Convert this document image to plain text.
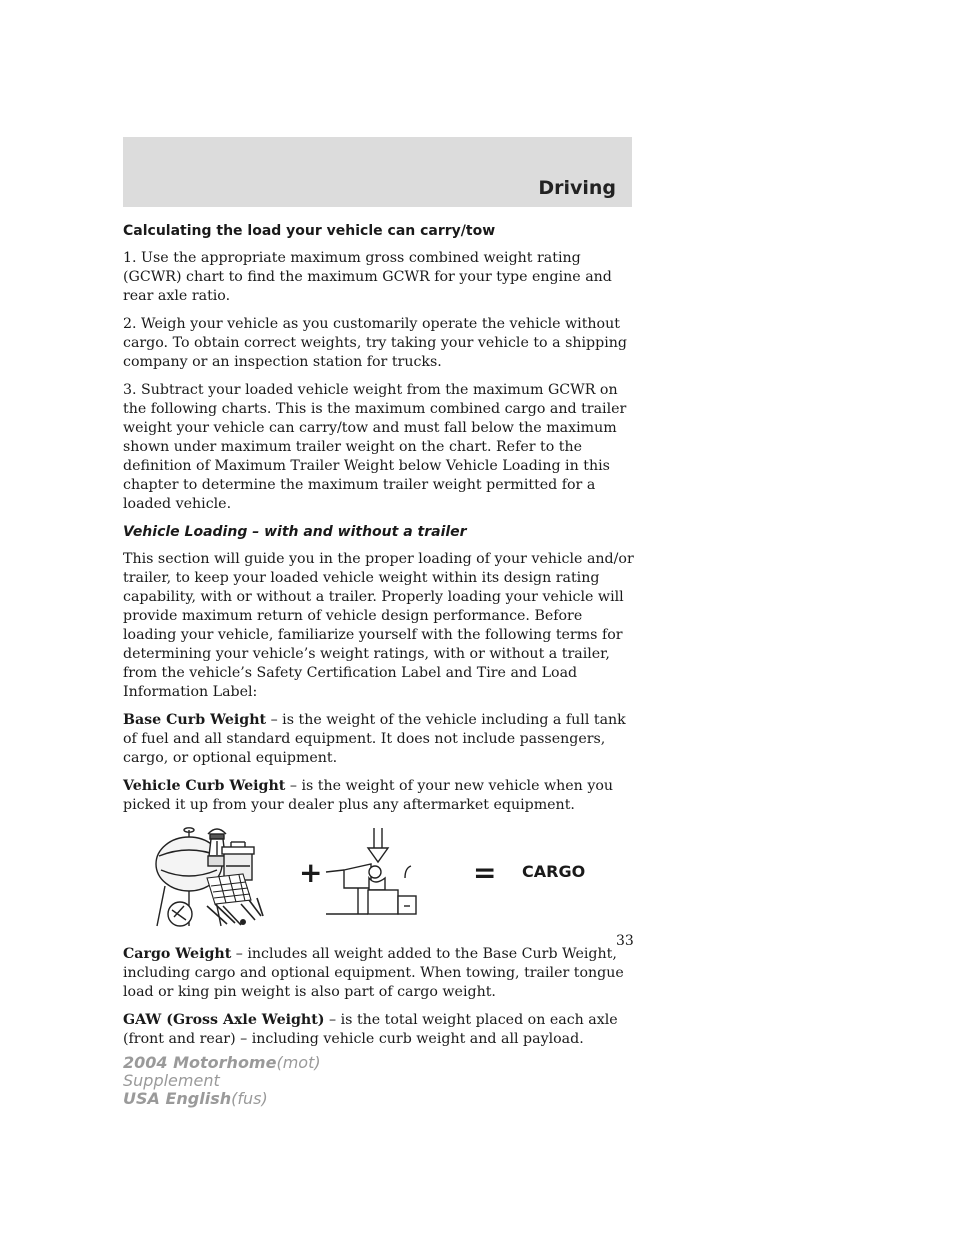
Driving
Calculating the load your vehicle can carry/tow

1. Use the appropriate maximum gross combined weight rating (GCWR) chart to find the maximum GCWR for your type engine and rear axle ratio.

2. Weigh your vehicle as you customarily operate the vehicle without cargo. To obtain correct weights, try taking your vehicle to a shipping company or an inspection station for trucks.

3. Subtract your loaded vehicle weight from the maximum GCWR on the following charts. This is the maximum combined cargo and trailer weight your vehicle can carry/tow and must fall below the maximum shown under maximum trailer weight on the chart. Refer to the definition of Maximum Trailer Weight below Vehicle Loading in this chapter to determine the maximum trailer weight permitted for a loaded vehicle.

Vehicle Loading – with and without a trailer

This section will guide you in the proper loading of your vehicle and/or trailer, to keep your loaded vehicle weight within its design rating capability, with or without a trailer. Properly loading your vehicle will provide maximum return of vehicle design performance. Before loading your vehicle, familiarize yourself with the following terms for determining your vehicle’s weight ratings, with or without a trailer, from the vehicle’s Safety Certification Label and Tire and Load Information Label:

Base Curb Weight – is the weight of the vehicle including a full tank of fuel and all standard equipment. It does not include passengers, cargo, or optional equipment.

Vehicle Curb Weight – is the weight of your new vehicle when you picked it up from your dealer plus any aftermarket equipment.

+	= CARGO

Cargo Weight – includes all weight added to the Base Curb Weight, including cargo and optional equipment. When towing, trailer tongue load or king pin weight is also part of cargo weight.

GAW (Gross Axle Weight) – is the total weight placed on each axle (front and rear) – including vehicle curb weight and all payload.

33
2004 Motorhome(mot)
Supplement
USA English(fus)
